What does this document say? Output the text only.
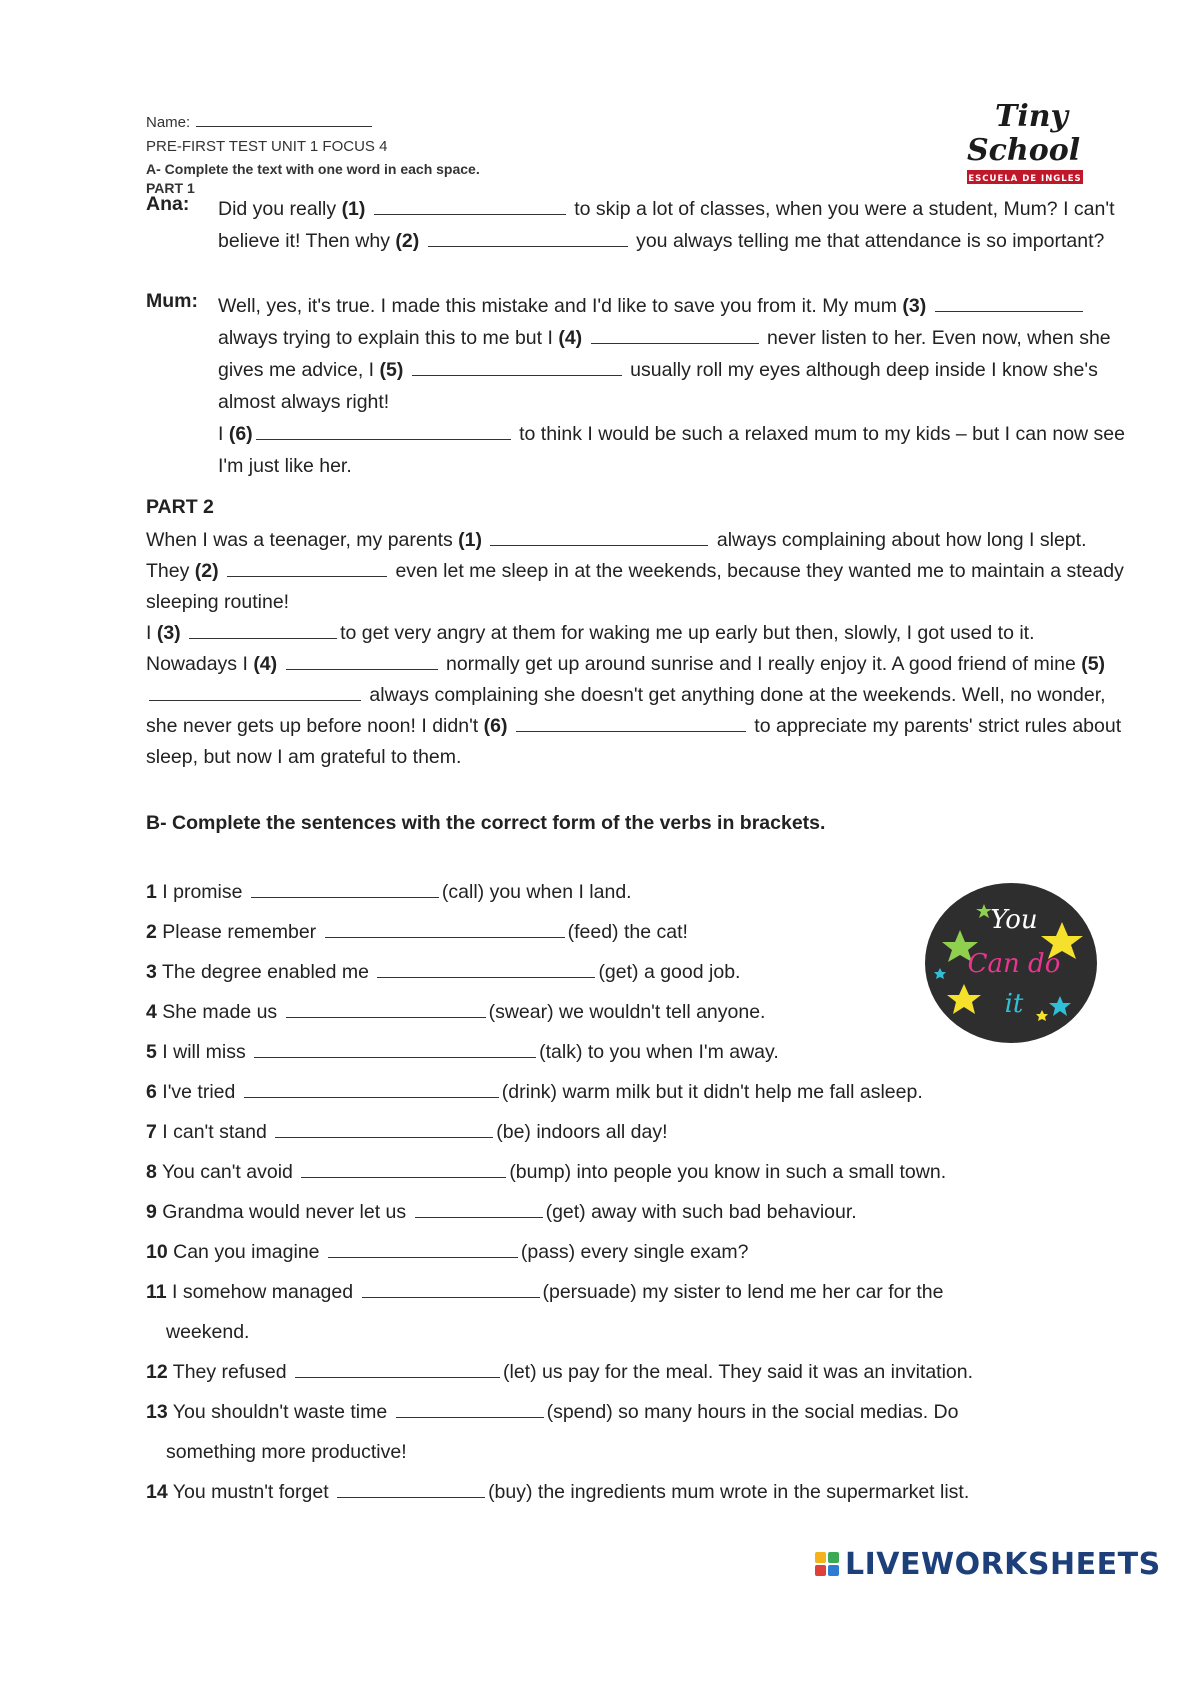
Name:
PRE-FIRST TEST UNIT 1 FOCUS 4
A- Complete the text with one word in each space.
PART 1
Tiny
School
ESCUELA DE INGLES
Ana: Did you really (1)	to skip a lot of classes, when you were a student, Mum? I can't believe it! Then why (2)	you always telling me that attendance is so important?
Mum: Well, yes, it's true. I made this mistake and I'd like to save you from it. My mum (3)  always trying to explain this to me but I (4)	never listen to her. Even now, when she gives me advice, I (5)	usually roll my eyes although deep inside I know she's almost always right!
I (6)	to think I would be such a relaxed mum to my kids – but I can now see I'm just like her.
PART 2
When I was a teenager, my parents (1)	always complaining about how long I slept. They (2)	even let me sleep in at the weekends, because they wanted me to maintain a steady sleeping routine!
I (3)	to get very angry at them for waking me up early but then, slowly, I got used to it. Nowadays I (4)	normally get up around sunrise and I really enjoy it. A good friend of mine (5)  always complaining she doesn't get anything done at the weekends. Well, no wonder, she never gets up before noon! I didn't (6)	to appreciate my parents' strict rules about sleep, but now I am grateful to them.
B- Complete the sentences with the correct form of the verbs in brackets.
1 I promise	(call) you when I land.
2 Please remember	(feed) the cat!
3 The degree enabled me	(get) a good job.
4 She made us	(swear) we wouldn't tell anyone.
5 I will miss	(talk) to you when I'm away.
6 I've tried	(drink) warm milk but it didn't help me fall asleep.
7 I can't stand	(be) indoors all day!
8 You can't avoid	(bump) into people you know in such a small town.
9 Grandma would never let us	(get) away with such bad behaviour.
10 Can you imagine	(pass) every single exam?
11 I somehow managed	(persuade) my sister to lend me her car for the
weekend.
12 They refused	(let) us pay for the meal. They said it was an invitation.
13 You shouldn't waste time	(spend) so many hours in the social medias. Do
something more productive!
14 You mustn't forget	(buy) the ingredients mum wrote in the supermarket list.
You
Can do
it
LIVEWORKSHEETS
